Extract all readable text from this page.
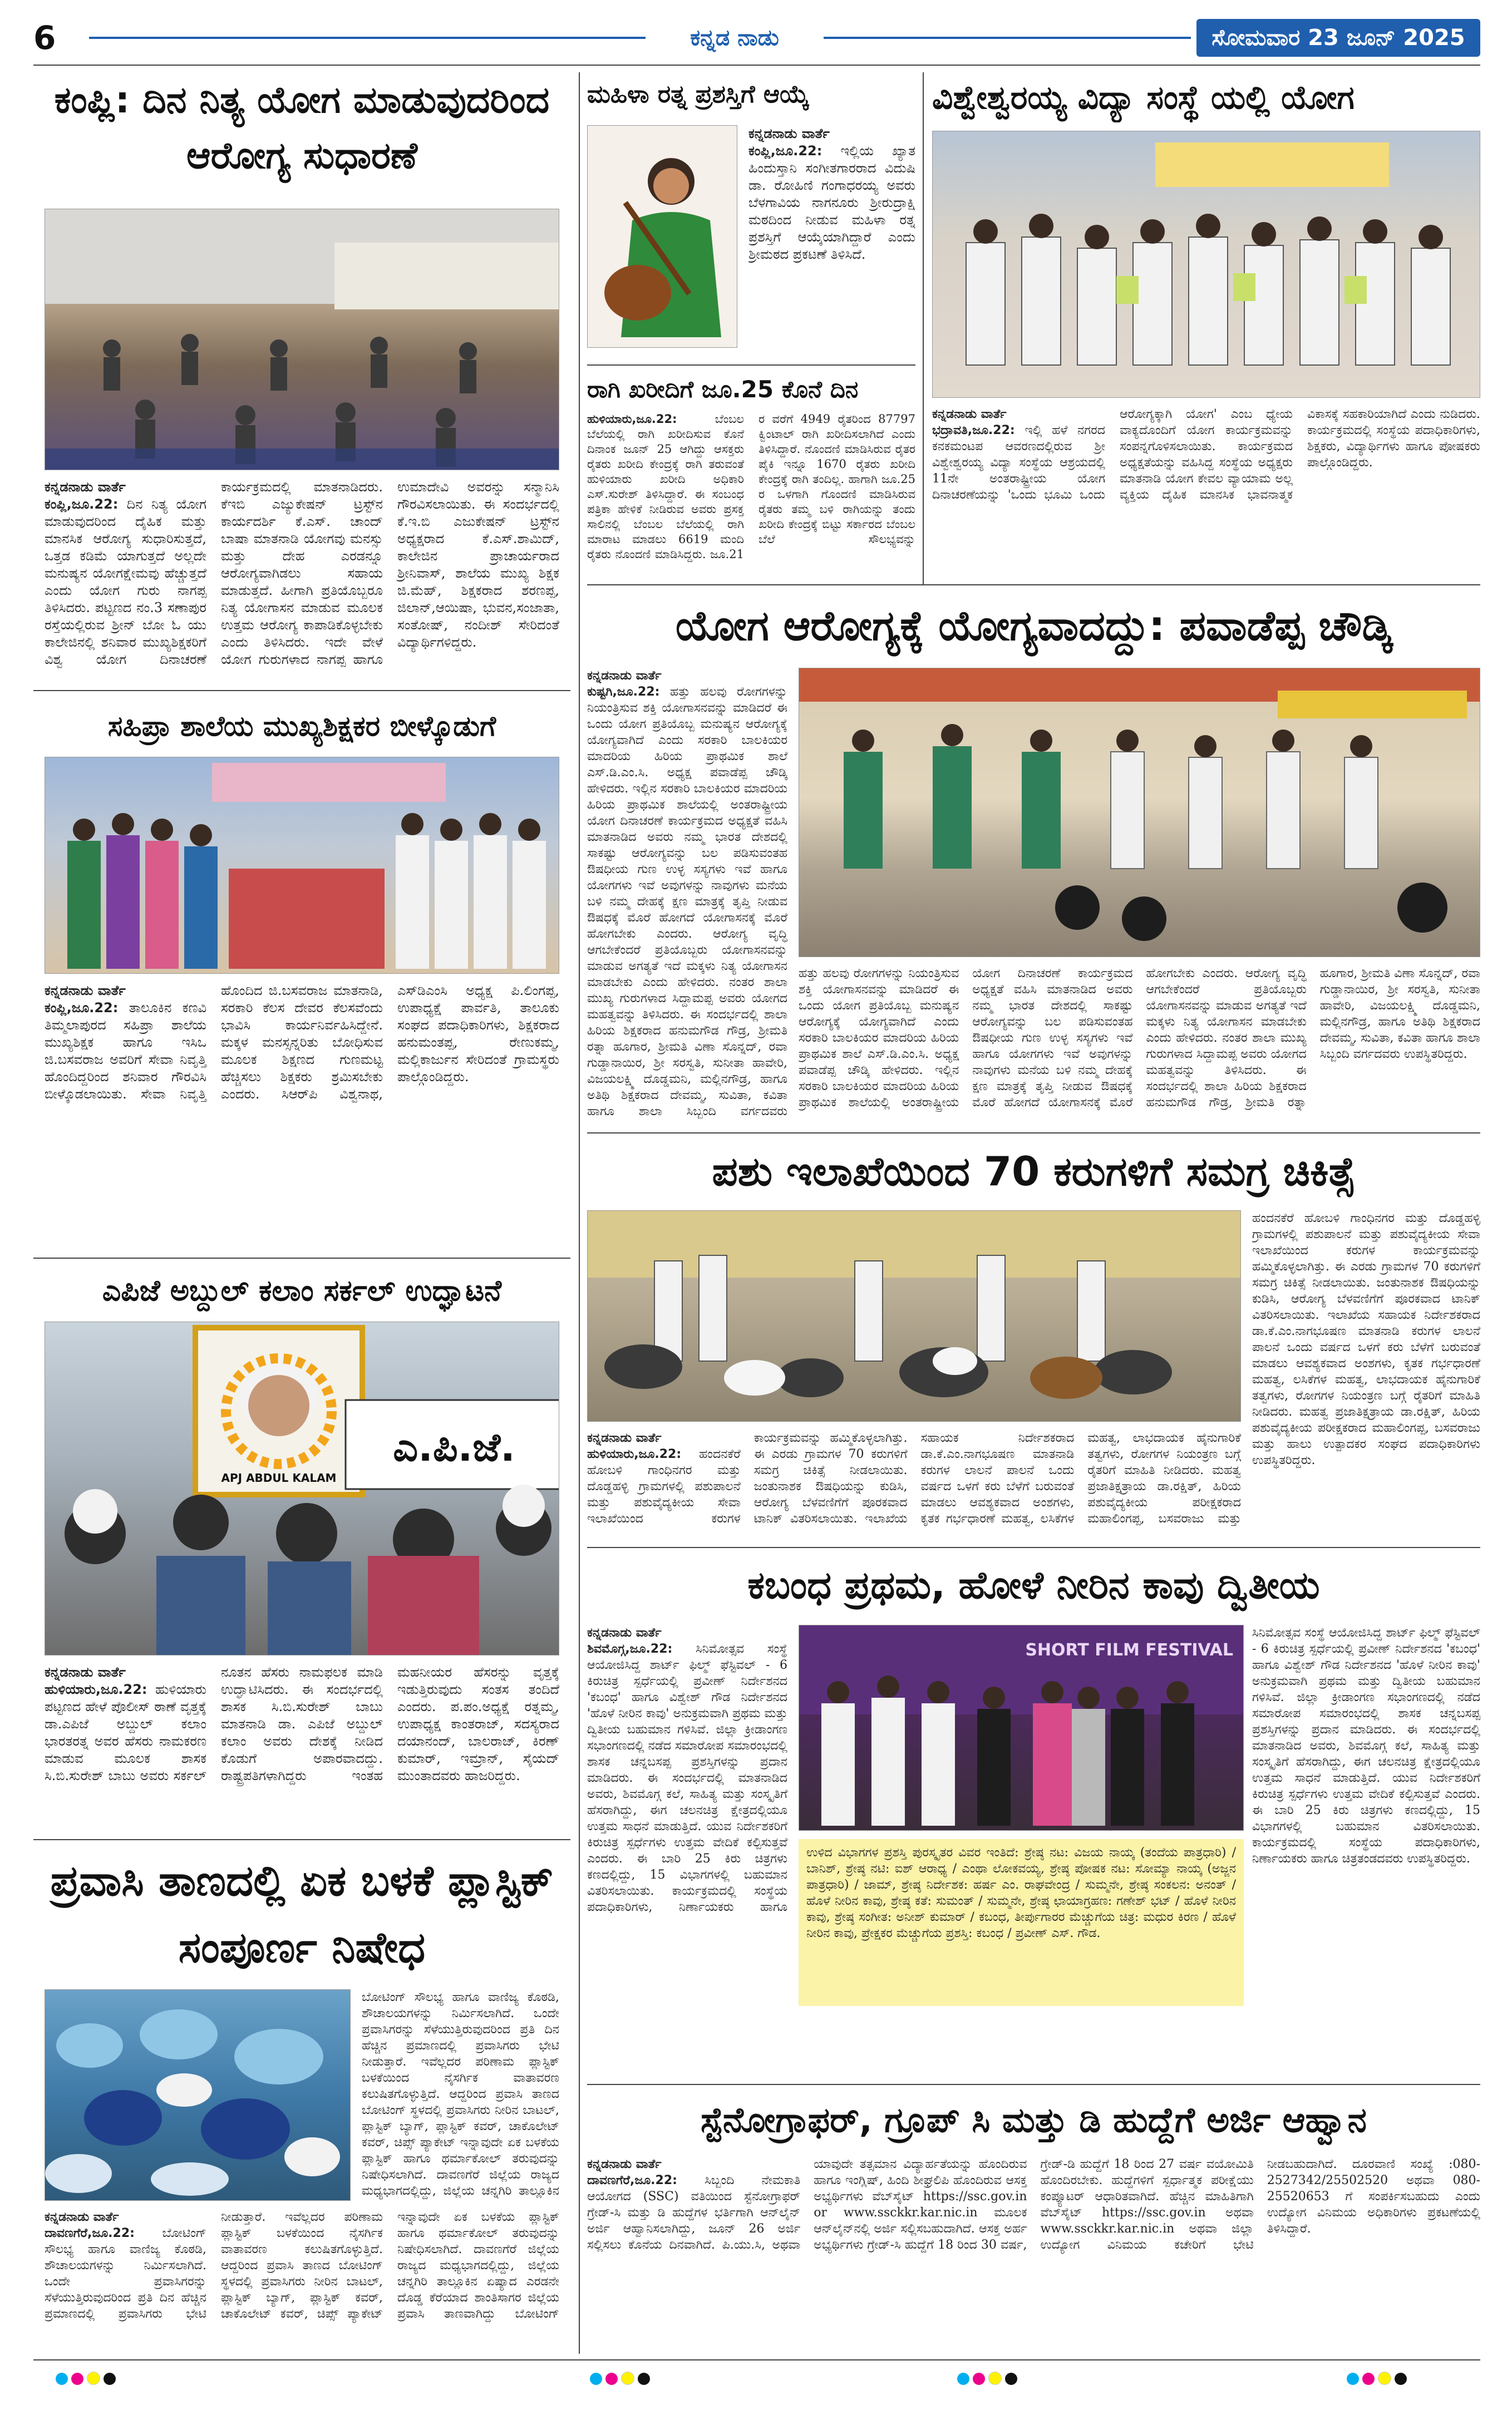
6	ಕನ್ನಡ ನಾಡು	ಸೋಮವಾರ 23 ಜೂನ್ 2025
ಕಂಪ್ಲಿ: ದಿನ ನಿತ್ಯ ಯೋಗ ಮಾಡುವುದರಿಂದ ಆರೋಗ್ಯ ಸುಧಾರಣೆ
ಕನ್ನಡನಾಡು ವಾರ್ತೆ
ಕಂಪ್ಲಿ,ಜೂ.22: ದಿನ ನಿತ್ಯ ಯೋಗ ಮಾಡುವುದರಿಂದ ದೈಹಿಕ ಮತ್ತು ಮಾನಸಿಕ ಆರೋಗ್ಯ ಸುಧಾರಿಸುತ್ತದೆ, ಒತ್ತಡ ಕಡಿಮೆ ಯಾಗುತ್ತದೆ ಅಲ್ಲದೇ ಮನುಷ್ಯನ ಯೋಗಕ್ಷೇಮವು ಹೆಚ್ಚುತ್ತದೆ ಎಂದು ಯೋಗ ಗುರು ನಾಗಪ್ಪ ತಿಳಿಸಿದರು. ಪಟ್ಟಣದ ನಂ.3 ಸಣಾಪುರ ರಸ್ತೆಯಲ್ಲಿರುವ ಶ್ರೀನ್ ಬೋ ಓ ಯು ಕಾಲೇಜಿನಲ್ಲಿ ಶನಿವಾರ ಮುಖ್ಯಶಿಕ್ಷಕರಿಗೆ ವಿಶ್ವ ಯೋಗ ದಿನಾಚರಣೆ ಕಾರ್ಯಕ್ರಮದಲ್ಲಿ ಮಾತನಾಡಿದರು. ಕೆಇಬಿ ಎಜ್ಯುಕೇಷನ್ ಟ್ರಸ್ಟ್‌ನ ಕಾರ್ಯದರ್ಶಿ ಕೆ.ಎಸ್. ಚಾಂದ್ ಬಾಷಾ ಮಾತನಾಡಿ ಯೋಗವು ಮನಸ್ಸು ಮತ್ತು ದೇಹ ಎರಡನ್ನೂ ಆರೋಗ್ಯವಾಗಿಡಲು ಸಹಾಯ ಮಾಡುತ್ತದೆ. ಹೀಗಾಗಿ ಪ್ರತಿಯೊಬ್ಬರೂ ನಿತ್ಯ ಯೋಗಾಸನ ಮಾಡುವ ಮೂಲಕ ಉತ್ತಮ ಆರೋಗ್ಯ ಕಾಪಾಡಿಕೊಳ್ಳಬೇಕು ಎಂದು ತಿಳಿಸಿದರು. ಇದೇ ವೇಳೆ ಯೋಗ ಗುರುಗಳಾದ ನಾಗಪ್ಪ ಹಾಗೂ ಉಮಾದೇವಿ ಅವರನ್ನು ಸನ್ಮಾನಿಸಿ ಗೌರವಿಸಲಾಯಿತು. ಈ ಸಂದರ್ಭದಲ್ಲಿ ಕೆ.ಇ.ಬಿ ಎಜುಕೇಷನ್ ಟ್ರಸ್ಟ್‌ನ ಅಧ್ಯಕ್ಷರಾದ ಕೆ.ಎಸ್.ಶಾಮಿದ್, ಕಾಲೇಜಿನ ಪ್ರಾಚಾರ್ಯರಾದ ಶ್ರೀನಿವಾಸ್, ಶಾಲೆಯ ಮುಖ್ಯ ಶಿಕ್ಷಕ ಜಿ.ಮೆಹ್, ಶಿಕ್ಷಕರಾದ ಶರಣಪ್ಪ, ಜಿಲಾನ್,ಆಯಿಷಾ, ಭುವನ,ಸಂಜಾತಾ, ಸಂತೋಷ್, ನಂದೀಶ್ ಸೇರಿದಂತೆ ವಿದ್ಯಾರ್ಥಿಗಳಿದ್ದರು.
ಮಹಿಳಾ ರತ್ನ ಪ್ರಶಸ್ತಿಗೆ ಆಯ್ಕೆ
ಕನ್ನಡನಾಡು ವಾರ್ತೆ
ಕಂಪ್ಲಿ,ಜೂ.22: ಇಲ್ಲಿಯ ಖ್ಯಾತ ಹಿಂದುಸ್ತಾನಿ ಸಂಗೀತಗಾರರಾದ ವಿದುಷಿ ಡಾ. ರೋಹಿಣಿ ಗಂಗಾಧರಯ್ಯ ಅವರು ಬೆಳಗಾವಿಯ ನಾಗನೂರು ಶ್ರೀರುದ್ರಾಕ್ಷಿ ಮಠದಿಂದ ನೀಡುವ ಮಹಿಳಾ ರತ್ನ ಪ್ರಶಸ್ತಿಗೆ ಆಯ್ಕೆಯಾಗಿದ್ದಾರೆ ಎಂದು ಶ್ರೀಮಠದ ಪ್ರಕಟಣೆ ತಿಳಿಸಿದೆ.
ರಾಗಿ ಖರೀದಿಗೆ ಜೂ.25 ಕೊನೆ ದಿನ
ಹುಳಿಯಾರು,ಜೂ.22:	ಬೆಂಬಲ ಬೆಲೆಯಲ್ಲಿ ರಾಗಿ ಖರೀದಿಸುವ ಕೊನೆ ದಿನಾಂಕ ಜೂನ್ 25 ಆಗಿದ್ದು ಆಸಕ್ತರು ರೈತರು ಖರೀದಿ ಕೇಂದ್ರಕ್ಕೆ ರಾಗಿ ತರುವಂತೆ ಹುಳಿಯಾರು ಖರೀದಿ ಅಧಿಕಾರಿ ಎಸ್.ಸುರೇಶ್ ತಿಳಿಸಿದ್ದಾರೆ. ಈ ಸಂಬಂಧ ಪತ್ರಿಕಾ ಹೇಳಿಕೆ ನೀಡಿರುವ ಅವರು ಪ್ರಸಕ್ತ ಸಾಲಿನಲ್ಲಿ ಬೆಂಬಲ ಬೆಲೆಯಲ್ಲಿ ರಾಗಿ ಮಾರಾಟ ಮಾಡಲು 6619 ಮಂದಿ ರೈತರು ನೊಂದಣಿ ಮಾಡಿಸಿದ್ದರು. ಜೂ.21 ರ ವರೆಗೆ 4949 ರೈತರಿಂದ 87797 ಕ್ವಿಂಟಾಲ್ ರಾಗಿ ಖರೀದಿಸಲಾಗಿದೆ ಎಂದು ತಿಳಿಸಿದ್ದಾರೆ. ನೊಂದಣಿ ಮಾಡಿಸಿರುವ ರೈತರ ಪೈಕಿ ಇನ್ನೂ 1670 ರೈತರು ಖರೀದಿ ಕೇಂದ್ರಕ್ಕೆ ರಾಗಿ ತಂದಿಲ್ಲ. ಹಾಗಾಗಿ ಜೂ.25 ರ ಒಳಗಾಗಿ ಗೊಂದಣಿ ಮಾಡಿಸಿರುವ ರೈತರು ತಮ್ಮ ಬಳಿ ರಾಗಿಯನ್ನು ತಂದು ಖರೀದಿ ಕೇಂದ್ರಕ್ಕೆ ಬಿಟ್ಟು ಸರ್ಕಾರದ ಬೆಂಬಲ ಬೆಲೆ ಸೌಲಭ್ಯವನ್ನು
ವಿಶ್ವೇಶ್ವರಯ್ಯ ವಿದ್ಯಾ ಸಂಸ್ಥೆ ಯಲ್ಲಿ ಯೋಗ
ಕನ್ನಡನಾಡು ವಾರ್ತೆ
ಭದ್ರಾವತಿ,ಜೂ.22: ಇಲ್ಲಿ ಹಳೆ ನಗರದ ಕನಕಮಂಟಪ ಆವರಣದಲ್ಲಿರುವ ಶ್ರೀ ವಿಶ್ವೇಶ್ವರಯ್ಯ ವಿದ್ಯಾ ಸಂಸ್ಥೆಯ ಆಶ್ರಯದಲ್ಲಿ 11ನೇ ಅಂತರಾಷ್ಟ್ರೀಯ ಯೋಗ ದಿನಾಚರಣೆಯನ್ನು 'ಒಂದು ಭೂಮಿ ಒಂದು ಆರೋಗ್ಯಕ್ಕಾಗಿ ಯೋಗ' ಎಂಬ ಧ್ಯೇಯ ವಾಕ್ಯದೊಂದಿಗೆ ಯೋಗ ಕಾರ್ಯಕ್ರಮವನ್ನು ಸಂಪನ್ನಗೊಳಿಸಲಾಯಿತು. ಕಾರ್ಯಕ್ರಮದ ಅಧ್ಯಕ್ಷತೆಯನ್ನು ವಹಿಸಿದ್ದ ಸಂಸ್ಥೆಯ ಅಧ್ಯಕ್ಷರು ಮಾತನಾಡಿ ಯೋಗ ಕೇವಲ ವ್ಯಾಯಾಮ ಅಲ್ಲ ವ್ಯಕ್ತಿಯ ದೈಹಿಕ ಮಾನಸಿಕ ಭಾವನಾತ್ಮಕ ವಿಕಾಸಕ್ಕೆ ಸಹಕಾರಿಯಾಗಿದೆ ಎಂದು ನುಡಿದರು. ಕಾರ್ಯಕ್ರಮದಲ್ಲಿ ಸಂಸ್ಥೆಯ ಪದಾಧಿಕಾರಿಗಳು, ಶಿಕ್ಷಕರು, ವಿದ್ಯಾರ್ಥಿಗಳು ಹಾಗೂ ಪೋಷಕರು ಪಾಲ್ಗೊಂಡಿದ್ದರು.
ಸಹಿಪ್ರಾ ಶಾಲೆಯ ಮುಖ್ಯಶಿಕ್ಷಕರ ಬೀಳ್ಕೊಡುಗೆ
ಕನ್ನಡನಾಡು ವಾರ್ತೆ
ಕಂಪ್ಲಿ,ಜೂ.22: ತಾಲೂಕಿನ ಕಣವಿ ತಿಮ್ಮಲಾಪುರದ ಸಹಿಪ್ರಾ ಶಾಲೆಯ ಮುಖ್ಯಶಿಕ್ಷಕ ಹಾಗೂ ಇಸಿಒ ಜಿ.ಬಸವರಾಜ ಅವರಿಗೆ ಸೇವಾ ನಿವೃತ್ತಿ ಹೊಂದಿದ್ದರಿಂದ ಶನಿವಾರ ಗೌರವಿಸಿ ಬೀಳ್ಕೊಡಲಾಯಿತು. ಸೇವಾ ನಿವೃತ್ತಿ ಹೊಂದಿದ ಜಿ.ಬಸವರಾಜ ಮಾತನಾಡಿ, ಸರಕಾರಿ ಕೆಲಸ ದೇವರ ಕೆಲಸವೆಂದು ಭಾವಿಸಿ ಕಾರ್ಯನಿರ್ವಹಿಸಿದ್ದೇನೆ. ಮಕ್ಕಳ ಮನಸ್ಸನ್ನರಿತು ಬೋಧಿಸುವ ಮೂಲಕ ಶಿಕ್ಷಣದ ಗುಣಮಟ್ಟ ಹೆಚ್ಚಿಸಲು ಶಿಕ್ಷಕರು ಶ್ರಮಿಸಬೇಕು ಎಂದರು. ಸಿಆರ್‌ಪಿ ವಿಶ್ವನಾಥ, ಎಸ್‌ಡಿಎಂಸಿ ಅಧ್ಯಕ್ಷ ಪಿ.ಲಿಂಗಪ್ಪ, ಉಪಾಧ್ಯಕ್ಷೆ ಪಾರ್ವತಿ, ತಾಲೂಕು ಸಂಘದ ಪದಾಧಿಕಾರಿಗಳು, ಶಿಕ್ಷಕರಾದ ಹನುಮಂತಪ್ಪ, ರೇಣುಕಮ್ಮ, ಮಲ್ಲಿಕಾರ್ಜುನ ಸೇರಿದಂತೆ ಗ್ರಾಮಸ್ಥರು ಪಾಲ್ಗೊಂಡಿದ್ದರು.
ಯೋಗ ಆರೋಗ್ಯಕ್ಕೆ ಯೋಗ್ಯವಾದದ್ದು: ಪವಾಡೆಪ್ಪ ಚೌಡ್ಕಿ
ಕನ್ನಡನಾಡು ವಾರ್ತೆ
ಕುಷ್ಟಗಿ,ಜೂ.22: ಹತ್ತು ಹಲವು ರೋಗಗಳನ್ನು ನಿಯಂತ್ರಿಸುವ ಶಕ್ತಿ ಯೋಗಾಸನವನ್ನು ಮಾಡಿದರೆ ಈ ಒಂದು ಯೋಗ ಪ್ರತಿಯೊಬ್ಬ ಮನುಷ್ಯನ ಆರೋಗ್ಯಕ್ಕೆ ಯೋಗ್ಯವಾಗಿದೆ ಎಂದು ಸರಕಾರಿ ಬಾಲಕಿಯರ ಮಾದರಿಯ ಹಿರಿಯ ಪ್ರಾಥಮಿಕ ಶಾಲೆ ಎಸ್.ಡಿ.ಎಂ.ಸಿ. ಅಧ್ಯಕ್ಷ ಪವಾಡೆಪ್ಪ ಚೌಡ್ಕಿ ಹೇಳಿದರು. ಇಲ್ಲಿನ ಸರಕಾರಿ ಬಾಲಕಿಯರ ಮಾದರಿಯ ಹಿರಿಯ ಪ್ರಾಥಮಿಕ ಶಾಲೆಯಲ್ಲಿ ಅಂತರಾಷ್ಟ್ರೀಯ ಯೋಗ ದಿನಾಚರಣೆ ಕಾರ್ಯಕ್ರಮದ ಅಧ್ಯಕ್ಷತೆ ವಹಿಸಿ ಮಾತನಾಡಿದ ಅವರು ನಮ್ಮ ಭಾರತ ದೇಶದಲ್ಲಿ ಸಾಕಷ್ಟು ಆರೋಗ್ಯವನ್ನು ಬಲ ಪಡಿಸುವಂತಹ ಔಷಧೀಯ ಗುಣ ಉಳ್ಳ ಸಸ್ಯಗಳು ಇವೆ ಹಾಗೂ ಯೋಗಗಳು ಇವೆ ಅವುಗಳನ್ನು ನಾವುಗಳು ಮನೆಯ ಬಳಿ ನಮ್ಮ ದೇಹಕ್ಕೆ ಕ್ಷಣ ಮಾತ್ರಕ್ಕೆ ತೃಪ್ತಿ ನೀಡುವ ಔಷಧಕ್ಕೆ ಮೊರೆ ಹೋಗದೆ ಯೋಗಾಸನಕ್ಕೆ ಮೊರೆ ಹೋಗಬೇಕು ಎಂದರು. ಆರೋಗ್ಯ ವೃದ್ಧಿ ಆಗಬೇಕೆಂದರೆ ಪ್ರತಿಯೊಬ್ಬರು ಯೋಗಾಸನವನ್ನು ಮಾಡುವ ಅಗತ್ಯತೆ ಇದೆ ಮಕ್ಕಳು ನಿತ್ಯ ಯೋಗಾಸನ ಮಾಡಬೇಕು ಎಂದು ಹೇಳಿದರು. ನಂತರ ಶಾಲಾ ಮುಖ್ಯ ಗುರುಗಳಾದ ಸಿದ್ದಾಮಪ್ಪ ಅವರು ಯೋಗದ ಮಹತ್ವವನ್ನು ತಿಳಿಸಿದರು. ಈ ಸಂದರ್ಭದಲ್ಲಿ ಶಾಲಾ ಹಿರಿಯ ಶಿಕ್ಷಕರಾದ ಹನುಮಗೌಡ ಗೌಡ್ರ, ಶ್ರೀಮತಿ ರತ್ನಾ ಹೂಗಾರ, ಶ್ರೀಮತಿ ವಿಣಾ ಸೊನ್ನದ್, ರವಾ ಗುಡ್ಡಾನಾಯಿರ, ಶ್ರೀ ಸರಸ್ವತಿ, ಸುನೀತಾ ಹಾವೇರಿ, ವಿಜಯಲಕ್ಷ್ಮಿ ದೊಡ್ಡಮನಿ, ಮಲ್ಲಿನಗೌಡ್ರ, ಹಾಗೂ ಅತಿಥಿ ಶಿಕ್ಷಕರಾದ ದೇವಮ್ಮ, ಸುವಿತಾ, ಕವಿತಾ ಹಾಗೂ ಶಾಲಾ ಸಿಬ್ಬಂದಿ ವರ್ಗದವರು
ಹತ್ತು ಹಲವು ರೋಗಗಳನ್ನು ನಿಯಂತ್ರಿಸುವ ಶಕ್ತಿ ಯೋಗಾಸನವನ್ನು ಮಾಡಿದರೆ ಈ ಒಂದು ಯೋಗ ಪ್ರತಿಯೊಬ್ಬ ಮನುಷ್ಯನ ಆರೋಗ್ಯಕ್ಕೆ ಯೋಗ್ಯವಾಗಿದೆ ಎಂದು ಸರಕಾರಿ ಬಾಲಕಿಯರ ಮಾದರಿಯ ಹಿರಿಯ ಪ್ರಾಥಮಿಕ ಶಾಲೆ ಎಸ್.ಡಿ.ಎಂ.ಸಿ. ಅಧ್ಯಕ್ಷ ಪವಾಡೆಪ್ಪ ಚೌಡ್ಕಿ ಹೇಳಿದರು. ಇಲ್ಲಿನ ಸರಕಾರಿ ಬಾಲಕಿಯರ ಮಾದರಿಯ ಹಿರಿಯ ಪ್ರಾಥಮಿಕ ಶಾಲೆಯಲ್ಲಿ ಅಂತರಾಷ್ಟ್ರೀಯ ಯೋಗ ದಿನಾಚರಣೆ ಕಾರ್ಯಕ್ರಮದ ಅಧ್ಯಕ್ಷತೆ ವಹಿಸಿ ಮಾತನಾಡಿದ ಅವರು ನಮ್ಮ ಭಾರತ ದೇಶದಲ್ಲಿ ಸಾಕಷ್ಟು ಆರೋಗ್ಯವನ್ನು ಬಲ ಪಡಿಸುವಂತಹ ಔಷಧೀಯ ಗುಣ ಉಳ್ಳ ಸಸ್ಯಗಳು ಇವೆ ಹಾಗೂ ಯೋಗಗಳು ಇವೆ ಅವುಗಳನ್ನು ನಾವುಗಳು ಮನೆಯ ಬಳಿ ನಮ್ಮ ದೇಹಕ್ಕೆ ಕ್ಷಣ ಮಾತ್ರಕ್ಕೆ ತೃಪ್ತಿ ನೀಡುವ ಔಷಧಕ್ಕೆ ಮೊರೆ ಹೋಗದೆ ಯೋಗಾಸನಕ್ಕೆ ಮೊರೆ ಹೋಗಬೇಕು ಎಂದರು. ಆರೋಗ್ಯ ವೃದ್ಧಿ ಆಗಬೇಕೆಂದರೆ ಪ್ರತಿಯೊಬ್ಬರು ಯೋಗಾಸನವನ್ನು ಮಾಡುವ ಅಗತ್ಯತೆ ಇದೆ ಮಕ್ಕಳು ನಿತ್ಯ ಯೋಗಾಸನ ಮಾಡಬೇಕು ಎಂದು ಹೇಳಿದರು. ನಂತರ ಶಾಲಾ ಮುಖ್ಯ ಗುರುಗಳಾದ ಸಿದ್ದಾಮಪ್ಪ ಅವರು ಯೋಗದ ಮಹತ್ವವನ್ನು ತಿಳಿಸಿದರು. ಈ ಸಂದರ್ಭದಲ್ಲಿ ಶಾಲಾ ಹಿರಿಯ ಶಿಕ್ಷಕರಾದ ಹನುಮಗೌಡ ಗೌಡ್ರ, ಶ್ರೀಮತಿ ರತ್ನಾ ಹೂಗಾರ, ಶ್ರೀಮತಿ ವಿಣಾ ಸೊನ್ನದ್, ರವಾ ಗುಡ್ಡಾನಾಯಿರ, ಶ್ರೀ ಸರಸ್ವತಿ, ಸುನೀತಾ ಹಾವೇರಿ, ವಿಜಯಲಕ್ಷ್ಮಿ ದೊಡ್ಡಮನಿ, ಮಲ್ಲಿನಗೌಡ್ರ, ಹಾಗೂ ಅತಿಥಿ ಶಿಕ್ಷಕರಾದ ದೇವಮ್ಮ, ಸುವಿತಾ, ಕವಿತಾ ಹಾಗೂ ಶಾಲಾ ಸಿಬ್ಬಂದಿ ವರ್ಗದವರು ಉಪಸ್ಥಿತರಿದ್ದರು.
ಎಪಿಜೆ ಅಬ್ದುಲ್ ಕಲಾಂ ಸರ್ಕಲ್ ಉದ್ಘಾಟನೆ
ಎ.ಪಿ.ಜೆ.
APJ ABDUL KALAM
ಕನ್ನಡನಾಡು ವಾರ್ತೆ
ಹುಳಿಯಾರು,ಜೂ.22: ಹುಳಿಯಾರು ಪಟ್ಟಣದ ಹೇಳೆ ಪೊಲೀಸ್ ಠಾಣೆ ವೃತ್ತಕ್ಕೆ ಡಾ.ಎಪಿಜೆ ಅಬ್ದುಲ್ ಕಲಾಂ ಭಾರತರತ್ನ ಅವರ ಹೆಸರು ನಾಮಕರಣ ಮಾಡುವ ಮೂಲಕ ಶಾಸಕ ಸಿ.ಬಿ.ಸುರೇಶ್ ಬಾಬು ಅವರು ಸರ್ಕಲ್ ನೂತನ ಹೆಸರು ನಾಮಫಲಕ ಮಾಡಿ ಉದ್ಘಾಟಿಸಿದರು. ಈ ಸಂದರ್ಭದಲ್ಲಿ ಶಾಸಕ ಸಿ.ಬಿ.ಸುರೇಶ್ ಬಾಬು ಮಾತನಾಡಿ ಡಾ. ಎಪಿಜೆ ಅಬ್ದುಲ್ ಕಲಾಂ ಅವರು ದೇಶಕ್ಕೆ ನೀಡಿದ ಕೊಡುಗೆ ಅಪಾರವಾದದ್ದು. ರಾಷ್ಟ್ರಪತಿಗಳಾಗಿದ್ದರು ಇಂತಹ ಮಹನೀಯರ ಹೆಸರನ್ನು ವೃತ್ತಕ್ಕೆ ಇಡುತ್ತಿರುವುದು ಸಂತಸ ತಂದಿದೆ ಎಂದರು. ಪ.ಪಂ.ಅಧ್ಯಕ್ಷೆ ರತ್ನಮ್ಮ, ಉಪಾಧ್ಯಕ್ಷ ಕಾಂತರಾಜ್, ಸದಸ್ಯರಾದ ದಯಾನಂದ್, ಬಾಲರಾಜ್, ಕಿರಣ್ ಕುಮಾರ್, ಇಮ್ರಾನ್, ಸೈಯದ್ ಮುಂತಾದವರು ಹಾಜರಿದ್ದರು.
ಪಶು ಇಲಾಖೆಯಿಂದ 70 ಕರುಗಳಿಗೆ ಸಮಗ್ರ ಚಿಕಿತ್ಸೆ
ಹಂದನಕೆರೆ ಹೋಬಳಿ ಗಾಂಧಿನಗರ ಮತ್ತು ದೊಡ್ಡಹಳ್ಳಿ ಗ್ರಾಮಗಳಲ್ಲಿ ಪಶುಪಾಲನೆ ಮತ್ತು ಪಶುವೈದ್ಯಕೀಯ ಸೇವಾ ಇಲಾಖೆಯಿಂದ ಕರುಗಳ ಕಾರ್ಯಕ್ರಮವನ್ನು ಹಮ್ಮಿಕೊಳ್ಳಲಾಗಿತ್ತು. ಈ ಎರಡು ಗ್ರಾಮಗಳ 70 ಕರುಗಳಿಗೆ ಸಮಗ್ರ ಚಿಕಿತ್ಸೆ ನೀಡಲಾಯಿತು. ಜಂತುನಾಶಕ ಔಷಧಿಯನ್ನು ಕುಡಿಸಿ, ಆರೋಗ್ಯ ಬೆಳವಣಿಗೆಗೆ ಪೂರಕವಾದ ಟಾನಿಕ್ ವಿತರಿಸಲಾಯಿತು. ಇಲಾಖೆಯ ಸಹಾಯಕ ನಿರ್ದೇಶಕರಾದ ಡಾ.ಕೆ.ಎಂ.ನಾಗಭೂಷಣ ಮಾತನಾಡಿ ಕರುಗಳ ಲಾಲನೆ ಪಾಲನೆ ಒಂದು ವರ್ಷದ ಒಳಗೆ ಕರು ಬೆಳೆಗೆ ಬರುವಂತೆ ಮಾಡಲು ಆವಶ್ಯಕವಾದ ಅಂಶಗಳು, ಕೃತಕ ಗರ್ಭಧಾರಣೆ ಮಹತ್ವ, ಲಸಿಕೆಗಳ ಮಹತ್ವ, ಲಾಭದಾಯಕ ಹೈನುಗಾರಿಕೆ ತತ್ವಗಳು, ರೋಗಗಳ ನಿಯಂತ್ರಣ ಬಗ್ಗೆ ರೈತರಿಗೆ ಮಾಹಿತಿ ನೀಡಿದರು. ಮಹತ್ವ ಪ್ರಜಾತಿಕ್ಷತ್ರಾಯ ಡಾ.ರಕ್ಷಿತ್, ಹಿರಿಯ ಪಶುವೈದ್ಯಕೀಯ ಪರೀಕ್ಷಕರಾದ ಮಹಾಲಿಂಗಪ್ಪ, ಬಸವರಾಜು ಮತ್ತು ಹಾಲು ಉತ್ಪಾದಕರ ಸಂಘದ ಪದಾಧಿಕಾರಿಗಳು ಉಪಸ್ಥಿತರಿದ್ದರು.
ಕನ್ನಡನಾಡು ವಾರ್ತೆ
ಹುಳಿಯಾರು,ಜೂ.22: ಹಂದನಕೆರೆ ಹೋಬಳಿ ಗಾಂಧಿನಗರ ಮತ್ತು ದೊಡ್ಡಹಳ್ಳಿ ಗ್ರಾಮಗಳಲ್ಲಿ ಪಶುಪಾಲನೆ ಮತ್ತು ಪಶುವೈದ್ಯಕೀಯ ಸೇವಾ ಇಲಾಖೆಯಿಂದ ಕರುಗಳ ಕಾರ್ಯಕ್ರಮವನ್ನು ಹಮ್ಮಿಕೊಳ್ಳಲಾಗಿತ್ತು. ಈ ಎರಡು ಗ್ರಾಮಗಳ 70 ಕರುಗಳಿಗೆ ಸಮಗ್ರ ಚಿಕಿತ್ಸೆ ನೀಡಲಾಯಿತು. ಜಂತುನಾಶಕ ಔಷಧಿಯನ್ನು ಕುಡಿಸಿ, ಆರೋಗ್ಯ ಬೆಳವಣಿಗೆಗೆ ಪೂರಕವಾದ ಟಾನಿಕ್ ವಿತರಿಸಲಾಯಿತು. ಇಲಾಖೆಯ ಸಹಾಯಕ ನಿರ್ದೇಶಕರಾದ ಡಾ.ಕೆ.ಎಂ.ನಾಗಭೂಷಣ ಮಾತನಾಡಿ ಕರುಗಳ ಲಾಲನೆ ಪಾಲನೆ ಒಂದು ವರ್ಷದ ಒಳಗೆ ಕರು ಬೆಳೆಗೆ ಬರುವಂತೆ ಮಾಡಲು ಆವಶ್ಯಕವಾದ ಅಂಶಗಳು, ಕೃತಕ ಗರ್ಭಧಾರಣೆ ಮಹತ್ವ, ಲಸಿಕೆಗಳ ಮಹತ್ವ, ಲಾಭದಾಯಕ ಹೈನುಗಾರಿಕೆ ತತ್ವಗಳು, ರೋಗಗಳ ನಿಯಂತ್ರಣ ಬಗ್ಗೆ ರೈತರಿಗೆ ಮಾಹಿತಿ ನೀಡಿದರು. ಮಹತ್ವ ಪ್ರಜಾತಿಕ್ಷತ್ರಾಯ ಡಾ.ರಕ್ಷಿತ್, ಹಿರಿಯ ಪಶುವೈದ್ಯಕೀಯ ಪರೀಕ್ಷಕರಾದ ಮಹಾಲಿಂಗಪ್ಪ, ಬಸವರಾಜು ಮತ್ತು
ಕಬಂಧ ಪ್ರಥಮ, ಹೋಳೆ ನೀರಿನ ಕಾವು ದ್ವಿತೀಯ
ಕನ್ನಡನಾಡು ವಾರ್ತೆ
ಶಿವಮೊಗ್ಗ,ಜೂ.22: ಸಿನಿಮೋತ್ಸವ ಸಂಸ್ಥೆ ಆಯೋಜಿಸಿದ್ದ ಶಾರ್ಟ್‌ ಫಿಲ್ಮ್ ಫೆಸ್ಟಿವಲ್ - 6 ಕಿರುಚಿತ್ರ ಸ್ಪರ್ಧೆಯಲ್ಲಿ ಪ್ರವೀಣ್ ನಿರ್ದೇಶನದ 'ಕಬಂಧ' ಹಾಗೂ ವಿಶ್ವೇಶ್ ಗೌಡ ನಿರ್ದೇಶನದ 'ಹೊಳೆ ನೀರಿನ ಕಾವು' ಅನುಕ್ರಮವಾಗಿ ಪ್ರಥಮ ಮತ್ತು ದ್ವಿತೀಯ ಬಹುಮಾನ ಗಳಿಸಿವೆ. ಜಿಲ್ಲಾ ಕ್ರೀಡಾಂಗಣ ಸಭಾಂಗಣದಲ್ಲಿ ನಡೆದ ಸಮಾರೋಪ ಸಮಾರಂಭದಲ್ಲಿ ಶಾಸಕ ಚನ್ನಬಸಪ್ಪ ಪ್ರಶಸ್ತಿಗಳನ್ನು ಪ್ರದಾನ ಮಾಡಿದರು. ಈ ಸಂದರ್ಭದಲ್ಲಿ ಮಾತನಾಡಿದ ಅವರು, ಶಿವಮೊಗ್ಗ ಕಲೆ, ಸಾಹಿತ್ಯ ಮತ್ತು ಸಂಸ್ಕೃತಿಗೆ ಹೆಸರಾಗಿದ್ದು, ಈಗ ಚಲನಚಿತ್ರ ಕ್ಷೇತ್ರದಲ್ಲಿಯೂ ಉತ್ತಮ ಸಾಧನೆ ಮಾಡುತ್ತಿದೆ. ಯುವ ನಿರ್ದೇಶಕರಿಗೆ ಕಿರುಚಿತ್ರ ಸ್ಪರ್ಧೆಗಳು ಉತ್ತಮ ವೇದಿಕೆ ಕಲ್ಪಿಸುತ್ತವೆ ಎಂದರು. ಈ ಬಾರಿ 25 ಕಿರು ಚಿತ್ರಗಳು ಕಣದಲ್ಲಿದ್ದು, 15 ವಿಭಾಗಗಳಲ್ಲಿ ಬಹುಮಾನ ವಿತರಿಸಲಾಯಿತು. ಕಾರ್ಯಕ್ರಮದಲ್ಲಿ ಸಂಸ್ಥೆಯ ಪದಾಧಿಕಾರಿಗಳು, ನಿರ್ಣಾಯಕರು ಹಾಗೂ
SHORT FILM FESTIVAL
ಸಿನಿಮೋತ್ಸವ ಸಂಸ್ಥೆ ಆಯೋಜಿಸಿದ್ದ ಶಾರ್ಟ್‌ ಫಿಲ್ಮ್ ಫೆಸ್ಟಿವಲ್ - 6 ಕಿರುಚಿತ್ರ ಸ್ಪರ್ಧೆಯಲ್ಲಿ ಪ್ರವೀಣ್ ನಿರ್ದೇಶನದ 'ಕಬಂಧ' ಹಾಗೂ ವಿಶ್ವೇಶ್ ಗೌಡ ನಿರ್ದೇಶನದ 'ಹೊಳೆ ನೀರಿನ ಕಾವು' ಅನುಕ್ರಮವಾಗಿ ಪ್ರಥಮ ಮತ್ತು ದ್ವಿತೀಯ ಬಹುಮಾನ ಗಳಿಸಿವೆ. ಜಿಲ್ಲಾ ಕ್ರೀಡಾಂಗಣ ಸಭಾಂಗಣದಲ್ಲಿ ನಡೆದ ಸಮಾರೋಪ ಸಮಾರಂಭದಲ್ಲಿ ಶಾಸಕ ಚನ್ನಬಸಪ್ಪ ಪ್ರಶಸ್ತಿಗಳನ್ನು ಪ್ರದಾನ ಮಾಡಿದರು. ಈ ಸಂದರ್ಭದಲ್ಲಿ ಮಾತನಾಡಿದ ಅವರು, ಶಿವಮೊಗ್ಗ ಕಲೆ, ಸಾಹಿತ್ಯ ಮತ್ತು ಸಂಸ್ಕೃತಿಗೆ ಹೆಸರಾಗಿದ್ದು, ಈಗ ಚಲನಚಿತ್ರ ಕ್ಷೇತ್ರದಲ್ಲಿಯೂ ಉತ್ತಮ ಸಾಧನೆ ಮಾಡುತ್ತಿದೆ. ಯುವ ನಿರ್ದೇಶಕರಿಗೆ ಕಿರುಚಿತ್ರ ಸ್ಪರ್ಧೆಗಳು ಉತ್ತಮ ವೇದಿಕೆ ಕಲ್ಪಿಸುತ್ತವೆ ಎಂದರು. ಈ ಬಾರಿ 25 ಕಿರು ಚಿತ್ರಗಳು ಕಣದಲ್ಲಿದ್ದು, 15 ವಿಭಾಗಗಳಲ್ಲಿ ಬಹುಮಾನ ವಿತರಿಸಲಾಯಿತು. ಕಾರ್ಯಕ್ರಮದಲ್ಲಿ ಸಂಸ್ಥೆಯ ಪದಾಧಿಕಾರಿಗಳು, ನಿರ್ಣಾಯಕರು ಹಾಗೂ ಚಿತ್ರತಂಡದವರು ಉಪಸ್ಥಿತರಿದ್ದರು.
ಉಳಿದ ವಿಭಾಗಗಳ ಪ್ರಶಸ್ತಿ ಪುರಸ್ಕೃತರ ವಿವರ ಇಂತಿದೆ: ಶ್ರೇಷ್ಠ ನಟ: ವಿಜಯ ನಾಯ್ಕ (ತಂದೆಯ ಪಾತ್ರಧಾರಿ) / ಬಾನಿಶ್, ಶ್ರೇಷ್ಠ ನಟಿ: ಐಶ್ ಆರಾಧ್ಯ / ಎಂಥಾ ಲೋಕವಯ್ಯ, ಶ್ರೇಷ್ಠ ಪೋಷಕ ನಟ: ಸೋಮ್ಯಾ ನಾಯ್ಕ (ಅಜ್ಜನ ಪಾತ್ರಧಾರಿ) / ಜಾಮ್, ಶ್ರೇಷ್ಠ ನಿರ್ದೇಶಕ: ಹರ್ಷ ಎಂ. ರಾಘವೇಂದ್ರ / ಸುಮ್ಮನೇ, ಶ್ರೇಷ್ಠ ಸಂಕಲನ: ಅನಂತ್ / ಹೊಳೆ ನೀರಿನ ಕಾವು, ಶ್ರೇಷ್ಠ ಕತೆ: ಸುಮಂತ್ / ಸುಮ್ಮನೇ, ಶ್ರೇಷ್ಠ ಛಾಯಾಗ್ರಹಣ: ಗಣೇಶ್ ಭಟ್ / ಹೊಳೆ ನೀರಿನ ಕಾವು, ಶ್ರೇಷ್ಠ ಸಂಗೀತ: ಅನೀಶ್ ಕುಮಾರ್ / ಕಬಂಧ, ತೀರ್ಪುಗಾರರ ಮೆಚ್ಚುಗೆಯ ಚಿತ್ರ: ಮಧುರ ಕಿರಣ / ಹೊಳೆ ನೀರಿನ ಕಾವು, ಪ್ರೇಕ್ಷಕರ ಮೆಚ್ಚುಗೆಯ ಪ್ರಶಸ್ತಿ: ಕಬಂಧ / ಪ್ರವೀಣ್ ಎಸ್. ಗೌಡ.
ಪ್ರವಾಸಿ ತಾಣದಲ್ಲಿ ಏಕ ಬಳಕೆ ಪ್ಲಾಸ್ಟಿಕ್ ಸಂಪೂರ್ಣ ನಿಷೇಧ
ಬೋಟಿಂಗ್ ಸೌಲಭ್ಯ ಹಾಗೂ ವಾಣಿಜ್ಯ ಕೊಠಡಿ, ಶೌಚಾಲಯಗಳನ್ನು ನಿರ್ಮಿಸಲಾಗಿದೆ. ಒಂದೇ ಪ್ರವಾಸಿಗರನ್ನು ಸೆಳೆಯುತ್ತಿರುವುದರಿಂದ ಪ್ರತಿ ದಿನ ಹೆಚ್ಚಿನ ಪ್ರಮಾಣದಲ್ಲಿ ಪ್ರವಾಸಿಗರು ಭೇಟಿ ನೀಡುತ್ತಾರೆ. ಇವೆಲ್ಲದರ ಪರಿಣಾಮ ಪ್ಲಾಸ್ಟಿಕ್ ಬಳಕೆಯಿಂದ ನೈಸರ್ಗಿಕ ವಾತಾವರಣ ಕಲುಷಿತಗೊಳ್ಳುತ್ತಿದೆ. ಆದ್ದರಿಂದ ಪ್ರವಾಸಿ ತಾಣದ ಬೋಟಿಂಗ್ ಸ್ಥಳದಲ್ಲಿ ಪ್ರವಾಸಿಗರು ನೀರಿನ ಬಾಟಲ್, ಪ್ಲಾಸ್ಟಿಕ್ ಬ್ಯಾಗ್, ಪ್ಲಾಸ್ಟಿಕ್ ಕವರ್, ಚಾಕೊಲೇಟ್ ಕವರ್, ಚಿಪ್ಸ್ ಪ್ಯಾಕೇಟ್ ಇನ್ನಾವುದೇ ಏಕ ಬಳಕೆಯ ಪ್ಲಾಸ್ಟಿಕ್ ಹಾಗೂ ಥರ್ಮಾಕೋಲ್ ತರುವುದನ್ನು ನಿಷೇಧಿಸಲಾಗಿದೆ. ದಾವಣಗೆರೆ ಜಿಲ್ಲೆಯ ರಾಜ್ಯದ ಮಧ್ಯಭಾಗದಲ್ಲಿದ್ದು, ಜಿಲ್ಲೆಯ ಚನ್ನಗಿರಿ ತಾಲ್ಲೂಕಿನ
ಕನ್ನಡನಾಡು ವಾರ್ತೆ
ದಾವಣಗೆರೆ,ಜೂ.22: ಬೋಟಿಂಗ್ ಸೌಲಭ್ಯ ಹಾಗೂ ವಾಣಿಜ್ಯ ಕೊಠಡಿ, ಶೌಚಾಲಯಗಳನ್ನು ನಿರ್ಮಿಸಲಾಗಿದೆ. ಒಂದೇ ಪ್ರವಾಸಿಗರನ್ನು ಸೆಳೆಯುತ್ತಿರುವುದರಿಂದ ಪ್ರತಿ ದಿನ ಹೆಚ್ಚಿನ ಪ್ರಮಾಣದಲ್ಲಿ ಪ್ರವಾಸಿಗರು ಭೇಟಿ ನೀಡುತ್ತಾರೆ. ಇವೆಲ್ಲದರ ಪರಿಣಾಮ ಪ್ಲಾಸ್ಟಿಕ್ ಬಳಕೆಯಿಂದ ನೈಸರ್ಗಿಕ ವಾತಾವರಣ ಕಲುಷಿತಗೊಳ್ಳುತ್ತಿದೆ. ಆದ್ದರಿಂದ ಪ್ರವಾಸಿ ತಾಣದ ಬೋಟಿಂಗ್ ಸ್ಥಳದಲ್ಲಿ ಪ್ರವಾಸಿಗರು ನೀರಿನ ಬಾಟಲ್, ಪ್ಲಾಸ್ಟಿಕ್ ಬ್ಯಾಗ್, ಪ್ಲಾಸ್ಟಿಕ್ ಕವರ್, ಚಾಕೊಲೇಟ್ ಕವರ್, ಚಿಪ್ಸ್ ಪ್ಯಾಕೇಟ್ ಇನ್ನಾವುದೇ ಏಕ ಬಳಕೆಯ ಪ್ಲಾಸ್ಟಿಕ್ ಹಾಗೂ ಥರ್ಮಾಕೋಲ್ ತರುವುದನ್ನು ನಿಷೇಧಿಸಲಾಗಿದೆ. ದಾವಣಗೆರೆ ಜಿಲ್ಲೆಯ ರಾಜ್ಯದ ಮಧ್ಯಭಾಗದಲ್ಲಿದ್ದು, ಜಿಲ್ಲೆಯ ಚನ್ನಗಿರಿ ತಾಲ್ಲೂಕಿನ ಏಷ್ಯಾದ ಎರಡನೇ ದೊಡ್ಡ ಕೆರೆಯಾದ ಶಾಂತಿಸಾಗರ ಜಿಲ್ಲೆಯ ಪ್ರವಾಸಿ ತಾಣವಾಗಿದ್ದು ಬೋಟಿಂಗ್
ಸ್ಟೆನೋಗ್ರಾಫರ್, ಗ್ರೂಪ್ ಸಿ ಮತ್ತು ಡಿ ಹುದ್ದೆಗೆ ಅರ್ಜಿ ಆಹ್ವಾನ
ಕನ್ನಡನಾಡು ವಾರ್ತೆ
ದಾವಣಗೆರೆ,ಜೂ.22: ಸಿಬ್ಬಂದಿ ನೇಮಕಾತಿ ಆಯೋಗದ (SSC) ವತಿಯಿಂದ ಸ್ಟೆನೋಗ್ರಾಫರ್ ಗ್ರೇಡ್-ಸಿ ಮತ್ತು ಡಿ ಹುದ್ದೆಗಳ ಭರ್ತಿಗಾಗಿ ಆನ್‌ಲೈನ್ ಅರ್ಜಿ ಆಹ್ವಾನಿಸಲಾಗಿದ್ದು, ಜೂನ್ 26 ಅರ್ಜಿ ಸಲ್ಲಿಸಲು ಕೊನೆಯ ದಿನವಾಗಿದೆ. ಪಿ.ಯು.ಸಿ, ಅಥವಾ ಯಾವುದೇ ತತ್ಸಮಾನ ವಿದ್ಯಾರ್ಹತೆಯನ್ನು ಹೊಂದಿರುವ ಹಾಗೂ ಇಂಗ್ಲಿಷ್, ಹಿಂದಿ ಶೀಘ್ರಲಿಪಿ ಹೊಂದಿರುವ ಆಸಕ್ತ ಅಭ್ಯರ್ಥಿಗಳು ವೆಬ್‌ಸೈಟ್ https://ssc.gov.in or www.ssckkr.kar.nic.in ಮೂಲಕ ಆನ್‌ಲೈನ್‌ನಲ್ಲಿ ಅರ್ಜಿ ಸಲ್ಲಿಸಬಹುದಾಗಿದೆ. ಆಸಕ್ತ ಅರ್ಹ ಅಭ್ಯರ್ಥಿಗಳು ಗ್ರೇಡ್-ಸಿ ಹುದ್ದೆಗೆ 18 ರಿಂದ 30 ವರ್ಷ, ಗ್ರೇಡ್-ಡಿ ಹುದ್ದೆಗೆ 18 ರಿಂದ 27 ವರ್ಷ ವಯೋಮಿತಿ ಹೊಂದಿರಬೇಕು. ಹುದ್ದೆಗಳಿಗೆ ಸ್ಪರ್ಧಾತ್ಮಕ ಪರೀಕ್ಷೆಯು ಕಂಪ್ಯೂಟರ್ ಆಧಾರಿತವಾಗಿದೆ. ಹೆಚ್ಚಿನ ಮಾಹಿತಿಗಾಗಿ ವೆಬ್‌ಸೈಟ್ https://ssc.gov.in ಅಥವಾ www.ssckkr.kar.nic.in ಅಥವಾ ಜಿಲ್ಲಾ ಉದ್ಯೋಗ ವಿನಿಮಯ ಕಚೇರಿಗೆ ಭೇಟಿ ನೀಡಬಹುದಾಗಿದೆ. ದೂರವಾಣಿ ಸಂಖ್ಯೆ :080-2527342/25502520 ಅಥವಾ 080-25520653 ಗೆ ಸಂಪರ್ಕಿಸಬಹುದು ಎಂದು ಉದ್ಯೋಗ ವಿನಿಮಯ ಅಧಿಕಾರಿಗಳು ಪ್ರಕಟಣೆಯಲ್ಲಿ ತಿಳಿಸಿದ್ದಾರೆ.
